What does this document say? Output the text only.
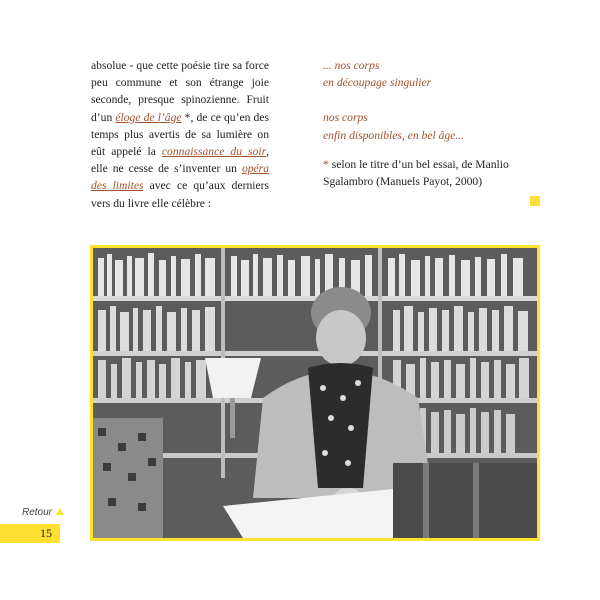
absolue - que cette poésie tire sa force peu commune et son étrange joie seconde, presque spinozienne. Fruit d’un éloge de l’âge *, de ce qu’en des temps plus avertis de sa lumière on eût appelé la connaissance du soir, elle ne cesse de s’inventer un opéra des limites avec ce qu’aux derniers vers du livre elle célèbre :
... nos corps
en découpage singulier
nos corps
enfin disponibles, en bel âge...
* selon le titre d’un bel essai, de Manlio Sgalambro (Manuels Payot, 2000)
Retour
15
